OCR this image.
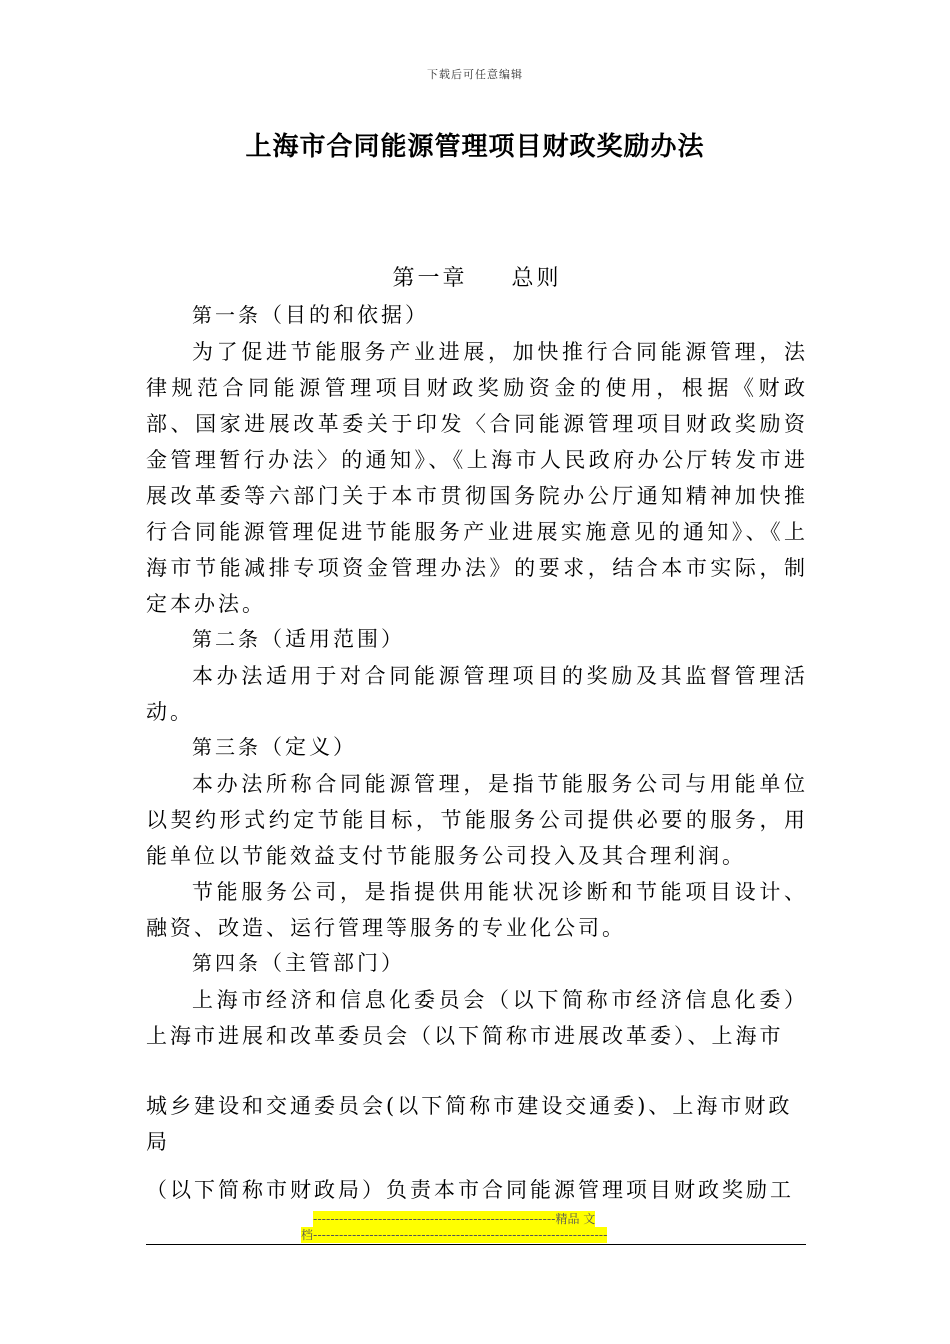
下载后可任意编辑
上海市合同能源管理项目财政奖励办法
第一章 总则
第一条（目的和依据）

为了促进节能服务产业进展，加快推行合同能源管理，法律规范合同能源管理项目财政奖励资金的使用，根据《财政部、国家进展改革委关于印发〈合同能源管理项目财政奖励资金管理暂行办法〉的通知》、《上海市人民政府办公厅转发市进展改革委等六部门关于本市贯彻国务院办公厅通知精神加快推行合同能源管理促进节能服务产业进展实施意见的通知》、《上海市节能减排专项资金管理办法》的要求，结合本市实际，制定本办法。

第二条（适用范围）

本办法适用于对合同能源管理项目的奖励及其监督管理活动。

第三条（定义）

本办法所称合同能源管理，是指节能服务公司与用能单位以契约形式约定节能目标，节能服务公司提供必要的服务，用能单位以节能效益支付节能服务公司投入及其合理利润。

节能服务公司，是指提供用能状况诊断和节能项目设计、融资、改造、运行管理等服务的专业化公司。

第四条（主管部门）

上海市经济和信息化委员会（以下简称市经济信息化委）上海市进展和改革委员会（以下简称市进展改革委）、上海市

城乡建设和交通委员会(以下简称市建设交通委)、上海市财政局

（以下简称市财政局）负责本市合同能源管理项目财政奖励工

--------------------------------------------------------精品 文
档--------------------------------------------------------------------
